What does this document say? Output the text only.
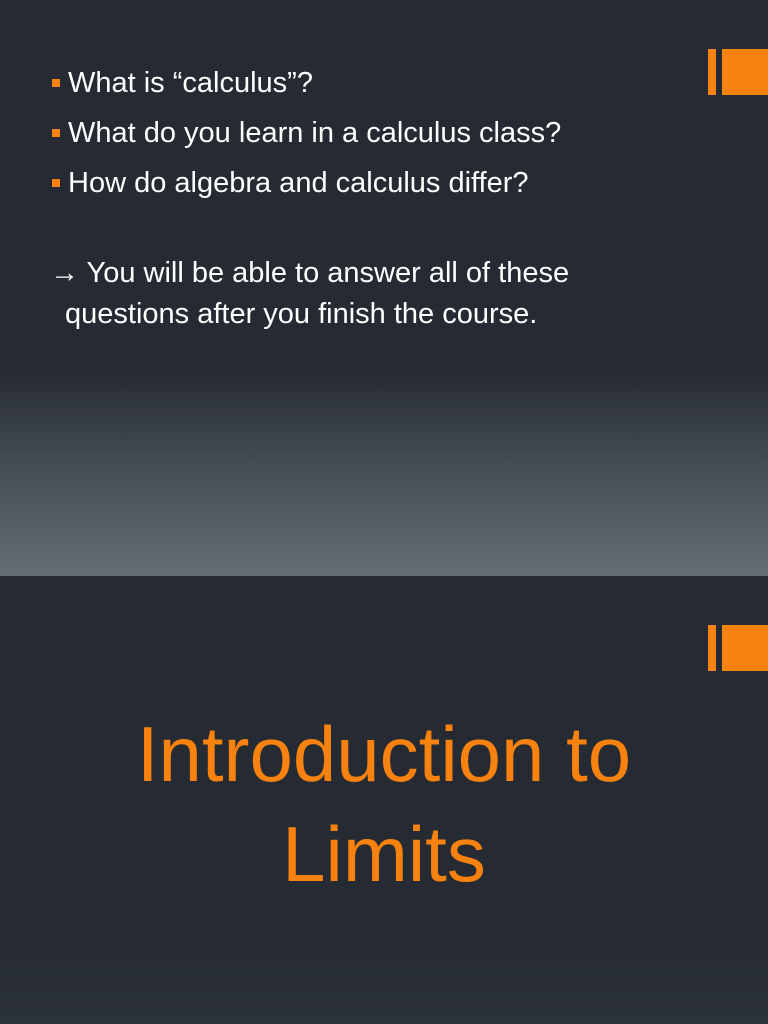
What is “calculus”?
What do you learn in a calculus class?
How do algebra and calculus differ?
→ You will be able to answer all of these
questions after you finish the course.
Introduction to
Limits
